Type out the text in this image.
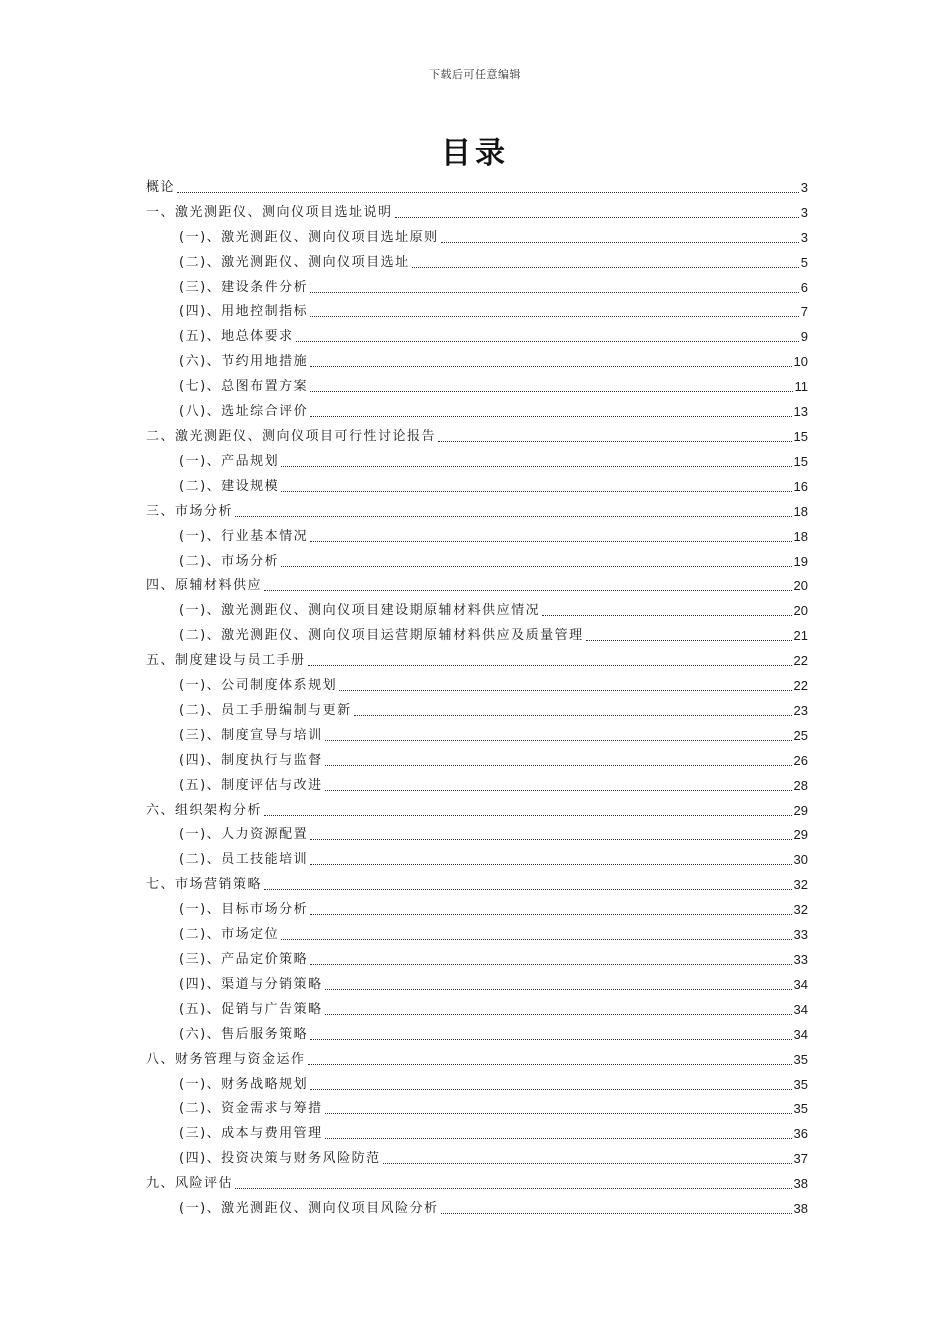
下载后可任意编辑
目录
概论	3
一、激光测距仪、测向仪项目选址说明	3
(一)、激光测距仪、测向仪项目选址原则	3
(二)、激光测距仪、测向仪项目选址	5
(三)、建设条件分析	6
(四)、用地控制指标	7
(五)、地总体要求	9
(六)、节约用地措施	10
(七)、总图布置方案	11
(八)、选址综合评价	13
二、激光测距仪、测向仪项目可行性讨论报告	15
(一)、产品规划	15
(二)、建设规模	16
三、市场分析	18
(一)、行业基本情况	18
(二)、市场分析	19
四、原辅材料供应	20
(一)、激光测距仪、测向仪项目建设期原辅材料供应情况	20
(二)、激光测距仪、测向仪项目运营期原辅材料供应及质量管理	21
五、制度建设与员工手册	22
(一)、公司制度体系规划	22
(二)、员工手册编制与更新	23
(三)、制度宣导与培训	25
(四)、制度执行与监督	26
(五)、制度评估与改进	28
六、组织架构分析	29
(一)、人力资源配置	29
(二)、员工技能培训	30
七、市场营销策略	32
(一)、目标市场分析	32
(二)、市场定位	33
(三)、产品定价策略	33
(四)、渠道与分销策略	34
(五)、促销与广告策略	34
(六)、售后服务策略	34
八、财务管理与资金运作	35
(一)、财务战略规划	35
(二)、资金需求与筹措	35
(三)、成本与费用管理	36
(四)、投资决策与财务风险防范	37
九、风险评估	38
(一)、激光测距仪、测向仪项目风险分析	38
